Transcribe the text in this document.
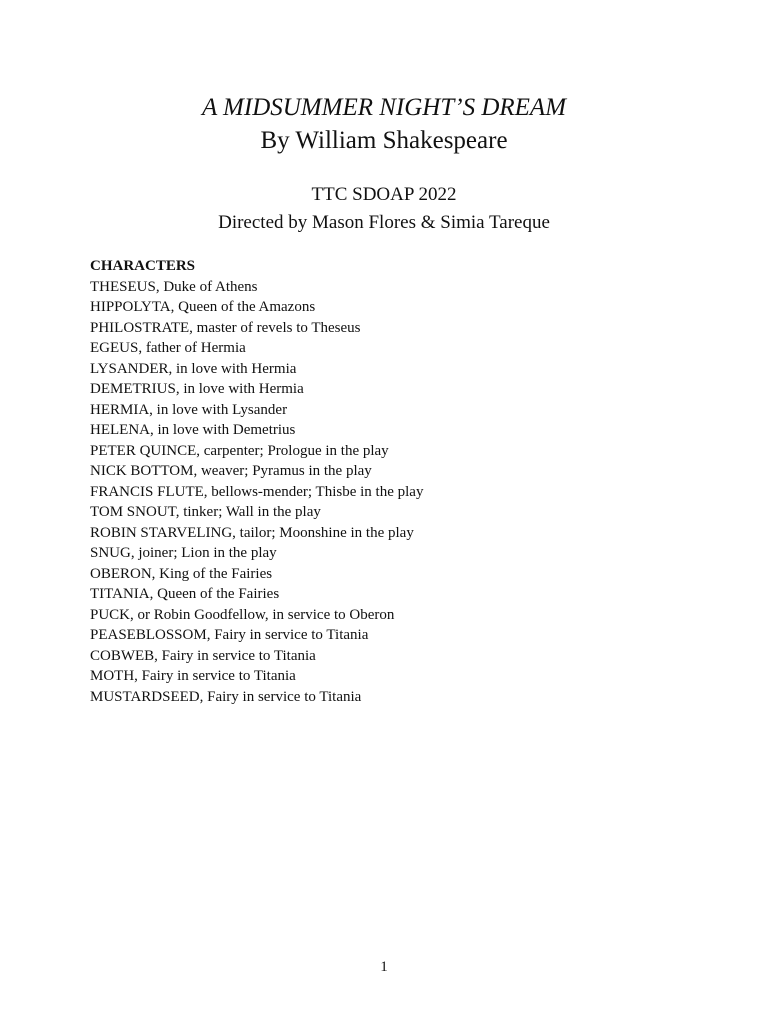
A MIDSUMMER NIGHT’S DREAM
By William Shakespeare

TTC SDOAP 2022

Directed by Mason Flores & Simia Tareque

CHARACTERS

THESEUS, Duke of Athens
HIPPOLYTA, Queen of the Amazons
PHILOSTRATE, master of revels to Theseus
EGEUS, father of Hermia
LYSANDER, in love with Hermia
DEMETRIUS, in love with Hermia
HERMIA, in love with Lysander
HELENA, in love with Demetrius
PETER QUINCE, carpenter; Prologue in the play
NICK BOTTOM, weaver; Pyramus in the play
FRANCIS FLUTE, bellows-mender; Thisbe in the play
TOM SNOUT, tinker; Wall in the play
ROBIN STARVELING, tailor; Moonshine in the play
SNUG, joiner; Lion in the play
OBERON, King of the Fairies
TITANIA, Queen of the Fairies
PUCK, or Robin Goodfellow, in service to Oberon
PEASEBLOSSOM, Fairy in service to Titania
COBWEB, Fairy in service to Titania
MOTH, Fairy in service to Titania
MUSTARDSEED, Fairy in service to Titania
1
